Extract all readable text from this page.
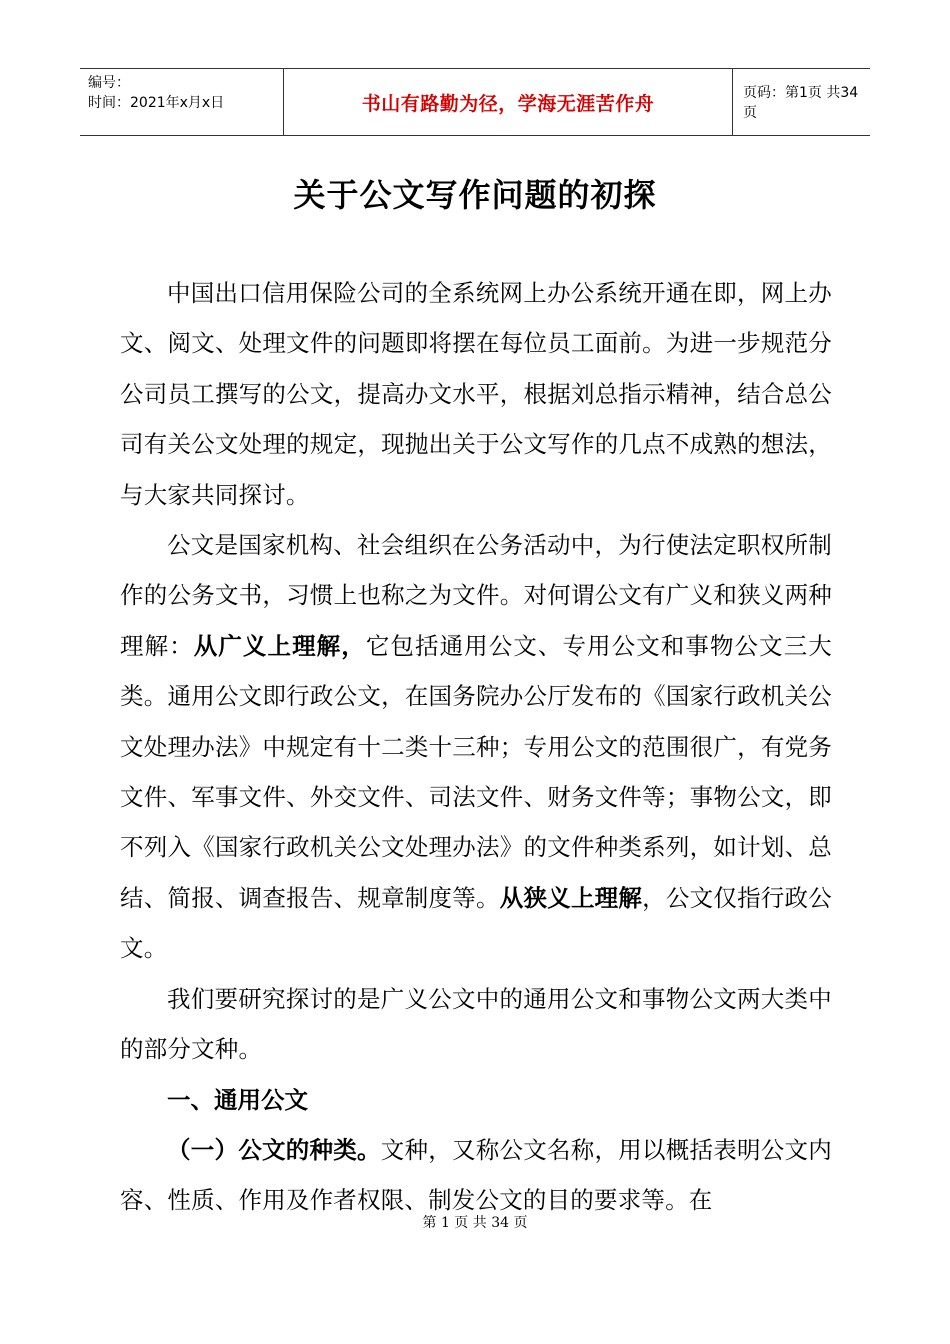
编号：
时间：2021年x月x日	书山有路勤为径，学海无涯苦作舟	页码：第1页 共34页
关于公文写作问题的初探

中国出口信用保险公司的全系统网上办公系统开通在即，网上办文、阅文、处理文件的问题即将摆在每位员工面前。为进一步规范分公司员工撰写的公文，提高办文水平，根据刘总指示精神，结合总公司有关公文处理的规定，现抛出关于公文写作的几点不成熟的想法，与大家共同探讨。

公文是国家机构、社会组织在公务活动中，为行使法定职权所制作的公务文书，习惯上也称之为文件。对何谓公文有广义和狭义两种理解：从广义上理解，它包括通用公文、专用公文和事物公文三大类。通用公文即行政公文，在国务院办公厅发布的《国家行政机关公文处理办法》中规定有十二类十三种；专用公文的范围很广，有党务文件、军事文件、外交文件、司法文件、财务文件等；事物公文，即不列入《国家行政机关公文处理办法》的文件种类系列，如计划、总结、简报、调查报告、规章制度等。从狭义上理解，公文仅指行政公文。

我们要研究探讨的是广义公文中的通用公文和事物公文两大类中的部分文种。

一、通用公文

（一）公文的种类。文种，又称公文名称，用以概括表明公文内容、性质、作用及作者权限、制发公文的目的要求等。在

第 1 页 共 34 页
